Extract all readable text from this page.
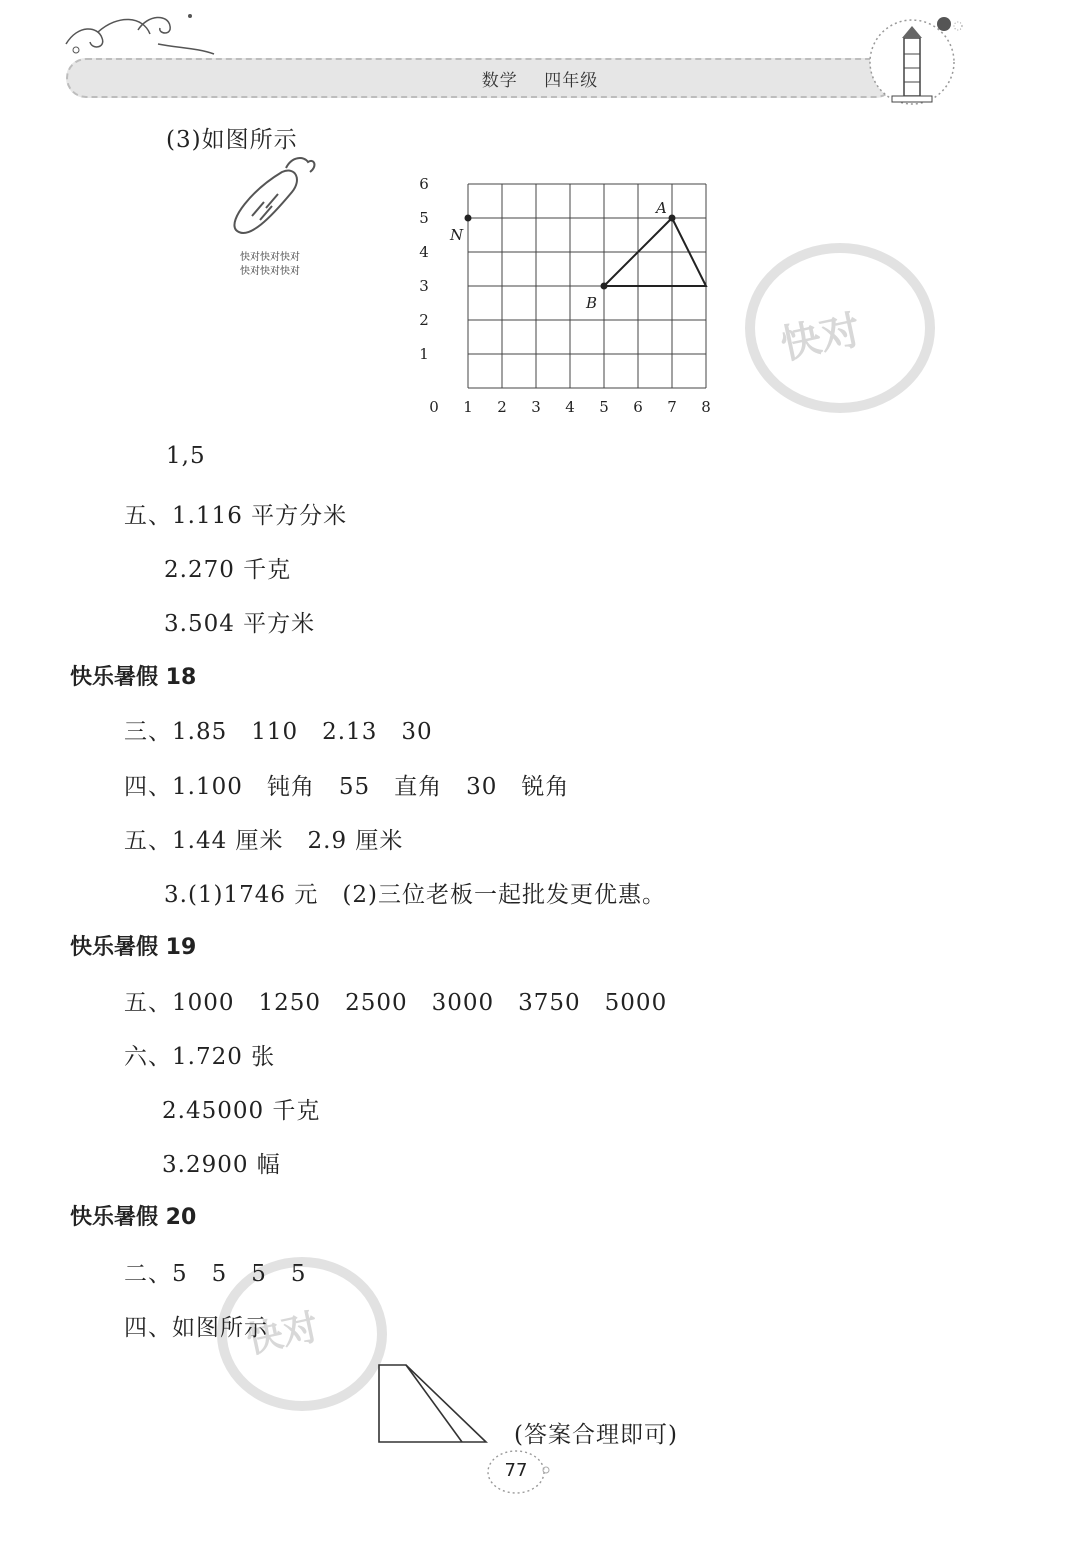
数学 四年级
快对
快对
快对快对快对
快对快对快对
0 1 2 3 4 5 6 7 8
1
2
3
4
5
6
N
A
B
(3)如图所示
1,5
五、1.116 平方分米
2.270 千克
3.504 平方米
快乐暑假 18
三、1.85　110　2.13　30
四、1.100　钝角　55　直角　30　锐角
五、1.44 厘米　2.9 厘米
3.(1)1746 元　(2)三位老板一起批发更优惠。
快乐暑假 19
五、1000　1250　2500　3000　3750　5000
六、1.720 张
2.45000 千克
3.2900 幅
快乐暑假 20
二、5　5　5　5
四、如图所示
(答案合理即可)
77
